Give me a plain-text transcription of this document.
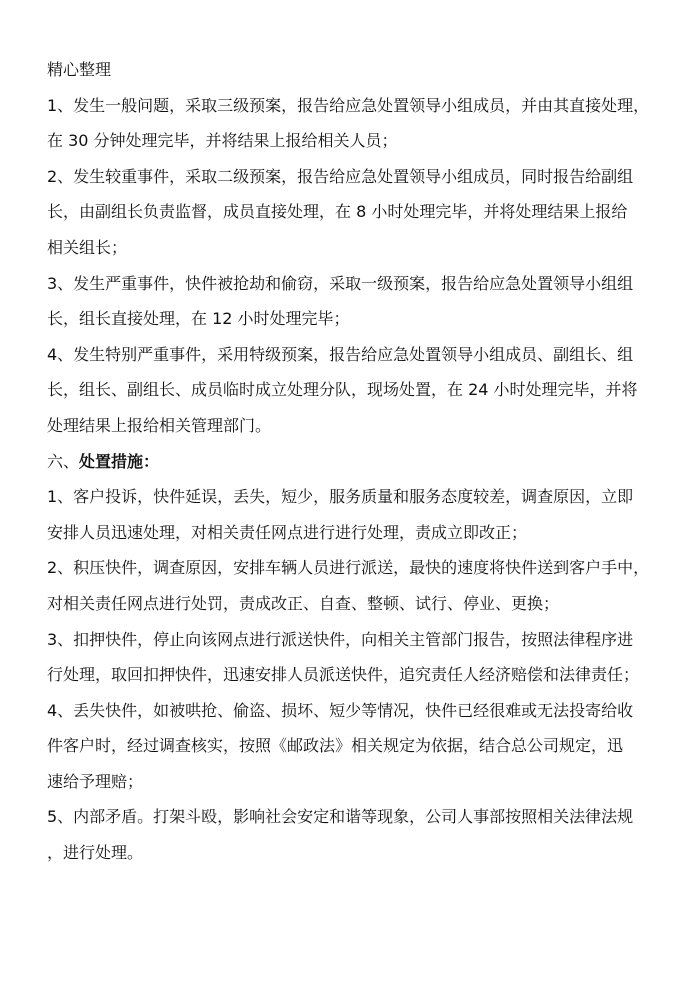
精心整理

1、发生一般问题，采取三级预案，报告给应急处置领导小组成员，并由其直接处理，
在 30 分钟处理完毕，并将结果上报给相关人员；

2、发生较重事件，采取二级预案，报告给应急处置领导小组成员，同时报告给副组
长，由副组长负责监督，成员直接处理，在 8 小时处理完毕，并将处理结果上报给
相关组长；

3、发生严重事件，快件被抢劫和偷窃，采取一级预案，报告给应急处置领导小组组
长，组长直接处理，在 12 小时处理完毕；

4、发生特别严重事件，采用特级预案，报告给应急处置领导小组成员、副组长、组
长，组长、副组长、成员临时成立处理分队，现场处置，在 24 小时处理完毕，并将
处理结果上报给相关管理部门。

六、处置措施：

1、客户投诉，快件延误，丢失，短少，服务质量和服务态度较差，调查原因，立即
安排人员迅速处理，对相关责任网点进行进行处理，责成立即改正；

2、积压快件，调查原因，安排车辆人员进行派送，最快的速度将快件送到客户手中，
对相关责任网点进行处罚，责成改正、自查、整顿、试行、停业、更换；

3、扣押快件，停止向该网点进行派送快件，向相关主管部门报告，按照法律程序进
行处理，取回扣押快件，迅速安排人员派送快件，追究责任人经济赔偿和法律责任；

4、丢失快件，如被哄抢、偷盗、损坏、短少等情况，快件已经很难或无法投寄给收
件客户时，经过调查核实，按照《邮政法》相关规定为依据，结合总公司规定，迅
速给予理赔；

5、内部矛盾。打架斗殴，影响社会安定和谐等现象，公司人事部按照相关法律法规
，进行处理。
